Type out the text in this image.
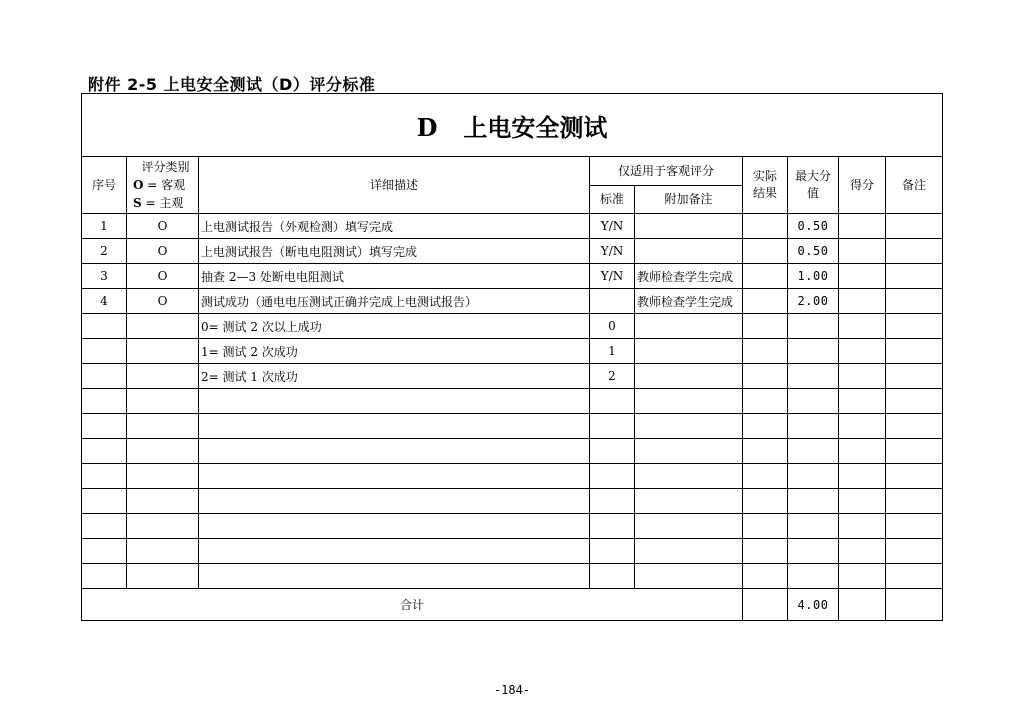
附件 2-5 上电安全测试（D）评分标准
D 上电安全测试								
序号	评分类别
O = 客观
S = 主观	详细描述	仅适用于客观评分		实际结果	最大分值	得分	备注
			标准	附加备注				
1	O	上电测试报告（外观检测）填写完成	Y/N			0.50		
2	O	上电测试报告（断电电阻测试）填写完成	Y/N			0.50		
3	O	抽查 2—3 处断电电阻测试	Y/N	教师检查学生完成		1.00		
4	O	测试成功（通电电压测试正确并完成上电测试报告）		教师检查学生完成		2.00		
		0= 测试 2 次以上成功	0					
		1= 测试 2 次成功	1					
		2= 测试 1 次成功	2					

合计						4.00		
-184-
